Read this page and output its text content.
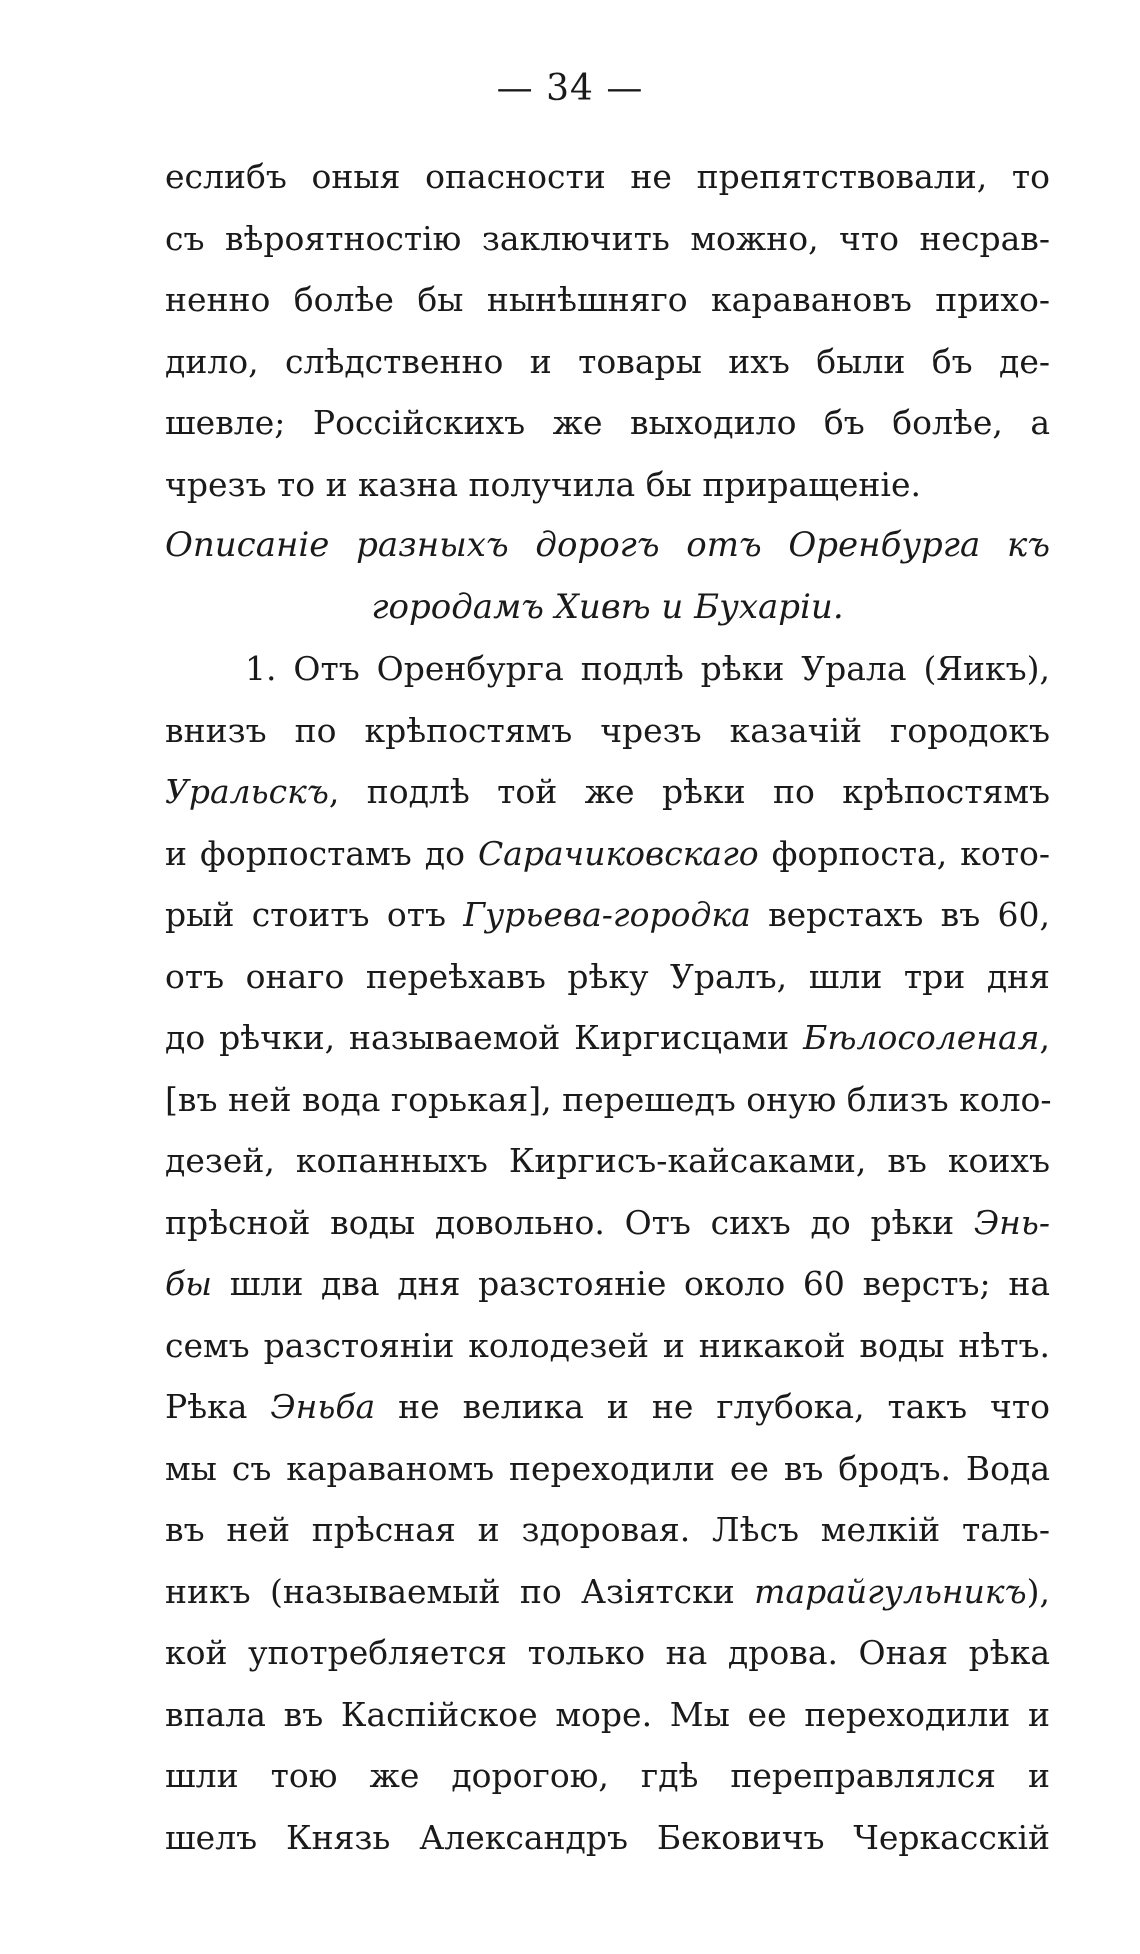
— 34 —
еслибъ оныя опасности не препятствовали, то
съ вѣроятностію заключить можно, что несрав-
ненно болѣе бы нынѣшняго каравановъ прихо-
дило, слѣдственно и товары ихъ были бъ де-
шевле; Россійскихъ же выходило бъ болѣе, а
чрезъ то и казна получила бы приращеніе.
Описаніе разныхъ дорогъ отъ Оренбурга къ
городамъ Хивѣ и Бухаріи.
1. Отъ Оренбурга подлѣ рѣки Урала (Яикъ),
внизъ по крѣпостямъ чрезъ казачій городокъ
Уральскъ, подлѣ той же рѣки по крѣпостямъ
и форпостамъ до Сарачиковскаго форпоста, кото-
рый стоитъ отъ Гурьева-городка верстахъ въ 60,
отъ онаго переѣхавъ рѣку Уралъ, шли три дня
до рѣчки, называемой Киргисцами Бѣлосоленая,
[въ ней вода горькая], перешедъ оную близъ коло-
дезей, копанныхъ Киргисъ-кайсаками, въ коихъ
прѣсной воды довольно. Отъ сихъ до рѣки Энь-
бы шли два дня разстояніе около 60 верстъ; на
семъ разстояніи колодезей и никакой воды нѣтъ.
Рѣка Эньба не велика и не глубока, такъ что
мы съ караваномъ переходили ее въ бродъ. Вода
въ ней прѣсная и здоровая. Лѣсъ мелкій таль-
никъ (называемый по Азіятски тарайгульникъ),
кой употребляется только на дрова. Оная рѣка
впала въ Каспійское море. Мы ее переходили и
шли тою же дорогою, гдѣ переправлялся и
шелъ Князь Александръ Бековичъ Черкасскій
